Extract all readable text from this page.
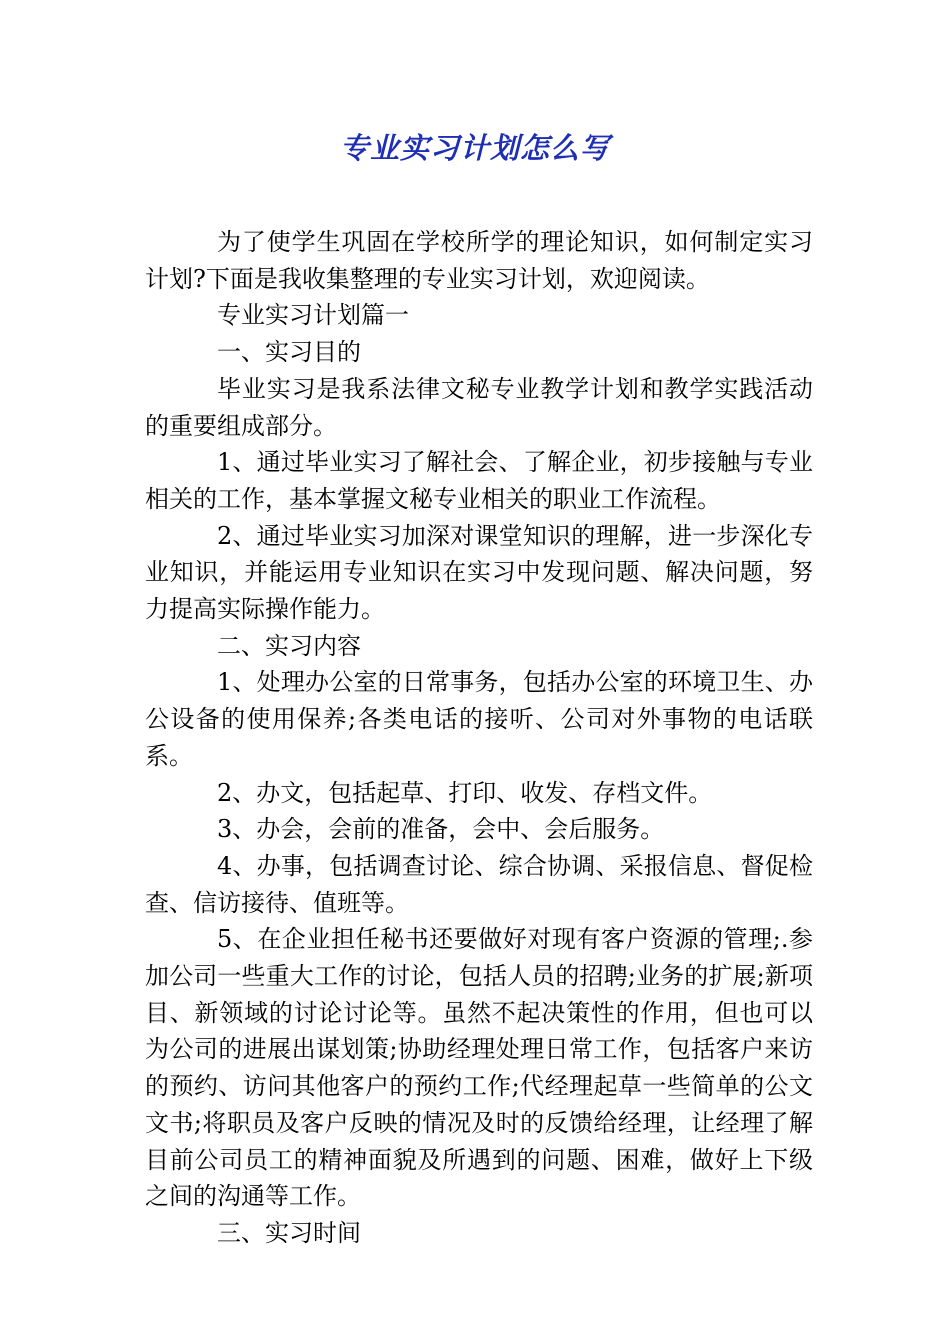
专业实习计划怎么写

为了使学生巩固在学校所学的理论知识，如何制定实习计划?下面是我收集整理的专业实习计划，欢迎阅读。

专业实习计划篇一

一、实习目的

毕业实习是我系法律文秘专业教学计划和教学实践活动的重要组成部分。

1、通过毕业实习了解社会、了解企业，初步接触与专业相关的工作，基本掌握文秘专业相关的职业工作流程。

2、通过毕业实习加深对课堂知识的理解，进一步深化专业知识，并能运用专业知识在实习中发现问题、解决问题，努力提高实际操作能力。

二、实习内容

1、处理办公室的日常事务，包括办公室的环境卫生、办公设备的使用保养;各类电话的接听、公司对外事物的电话联系。

2、办文，包括起草、打印、收发、存档文件。

3、办会，会前的准备，会中、会后服务。

4、办事，包括调查讨论、综合协调、采报信息、督促检查、信访接待、值班等。

5、在企业担任秘书还要做好对现有客户资源的管理;.参加公司一些重大工作的讨论，包括人员的招聘;业务的扩展;新项目、新领域的讨论讨论等。虽然不起决策性的作用，但也可以为公司的进展出谋划策;协助经理处理日常工作，包括客户来访的预约、访问其他客户的预约工作;代经理起草一些简单的公文文书;将职员及客户反映的情况及时的反馈给经理，让经理了解目前公司员工的精神面貌及所遇到的问题、困难，做好上下级之间的沟通等工作。

三、实习时间
